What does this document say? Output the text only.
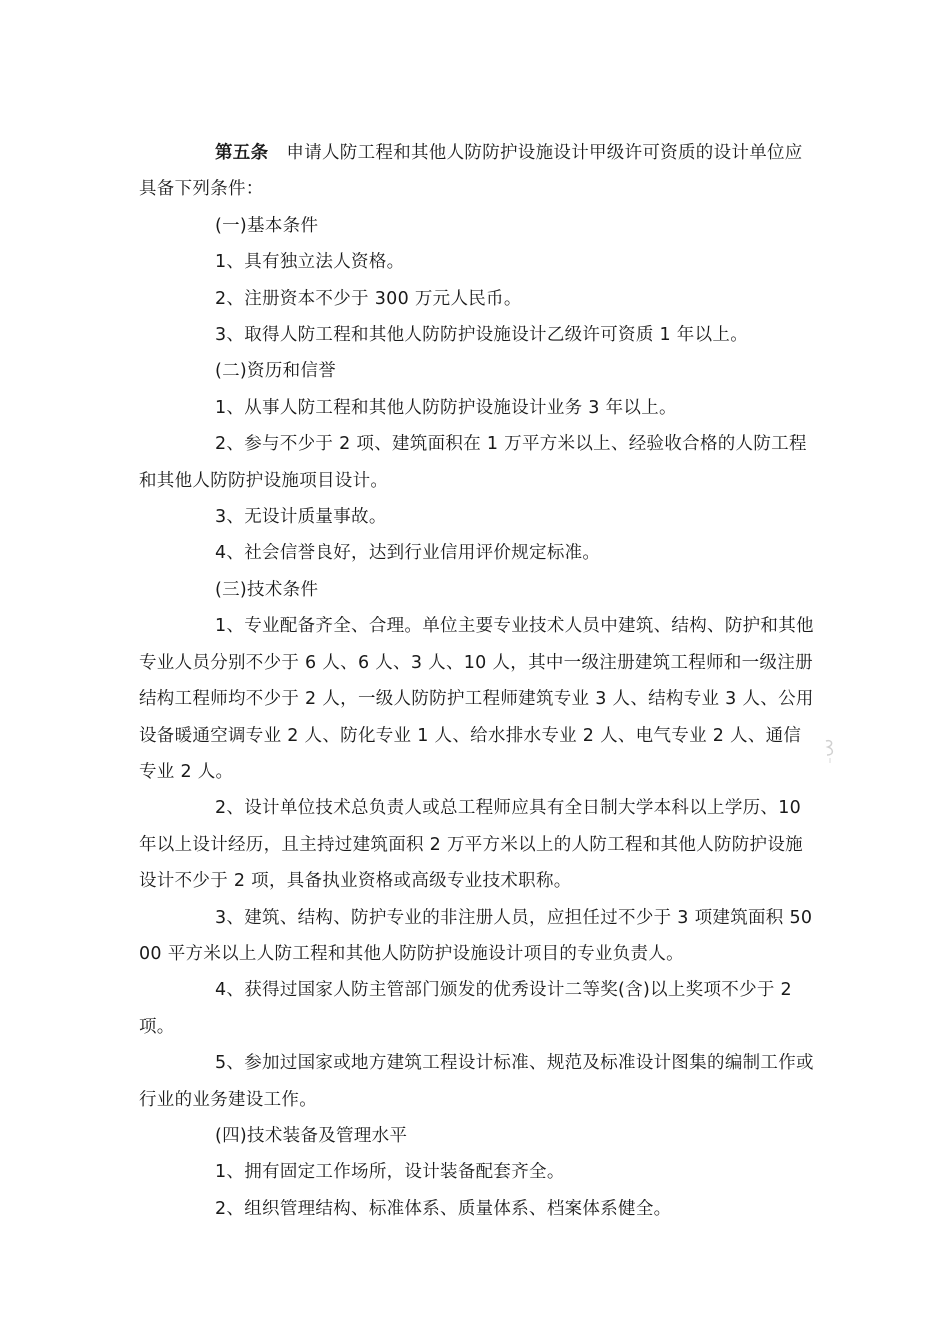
第五条 申请人防工程和其他人防防护设施设计甲级许可资质的设计单位应具备下列条件：

(一)基本条件

1、具有独立法人资格。

2、注册资本不少于 300 万元人民币。

3、取得人防工程和其他人防防护设施设计乙级许可资质 1 年以上。

(二)资历和信誉

1、从事人防工程和其他人防防护设施设计业务 3 年以上。

2、参与不少于 2 项、建筑面积在 1 万平方米以上、经验收合格的人防工程和其他人防防护设施项目设计。

3、无设计质量事故。

4、社会信誉良好，达到行业信用评价规定标准。

(三)技术条件

1、专业配备齐全、合理。单位主要专业技术人员中建筑、结构、防护和其他专业人员分别不少于 6 人、6 人、3 人、10 人，其中一级注册建筑工程师和一级注册结构工程师均不少于 2 人，一级人防防护工程师建筑专业 3 人、结构专业 3 人、公用设备暖通空调专业 2 人、防化专业 1 人、给水排水专业 2 人、电气专业 2 人、通信专业 2 人。

2、设计单位技术总负责人或总工程师应具有全日制大学本科以上学历、10 年以上设计经历，且主持过建筑面积 2 万平方米以上的人防工程和其他人防防护设施设计不少于 2 项，具备执业资格或高级专业技术职称。

3、建筑、结构、防护专业的非注册人员，应担任过不少于 3 项建筑面积 5000 平方米以上人防工程和其他人防防护设施设计项目的专业负责人。

4、获得过国家人防主管部门颁发的优秀设计二等奖(含)以上奖项不少于 2 项。

5、参加过国家或地方建筑工程设计标准、规范及标准设计图集的编制工作或行业的业务建设工作。

(四)技术装备及管理水平

1、拥有固定工作场所，设计装备配套齐全。

2、组织管理结构、标准体系、质量体系、档案体系健全。
